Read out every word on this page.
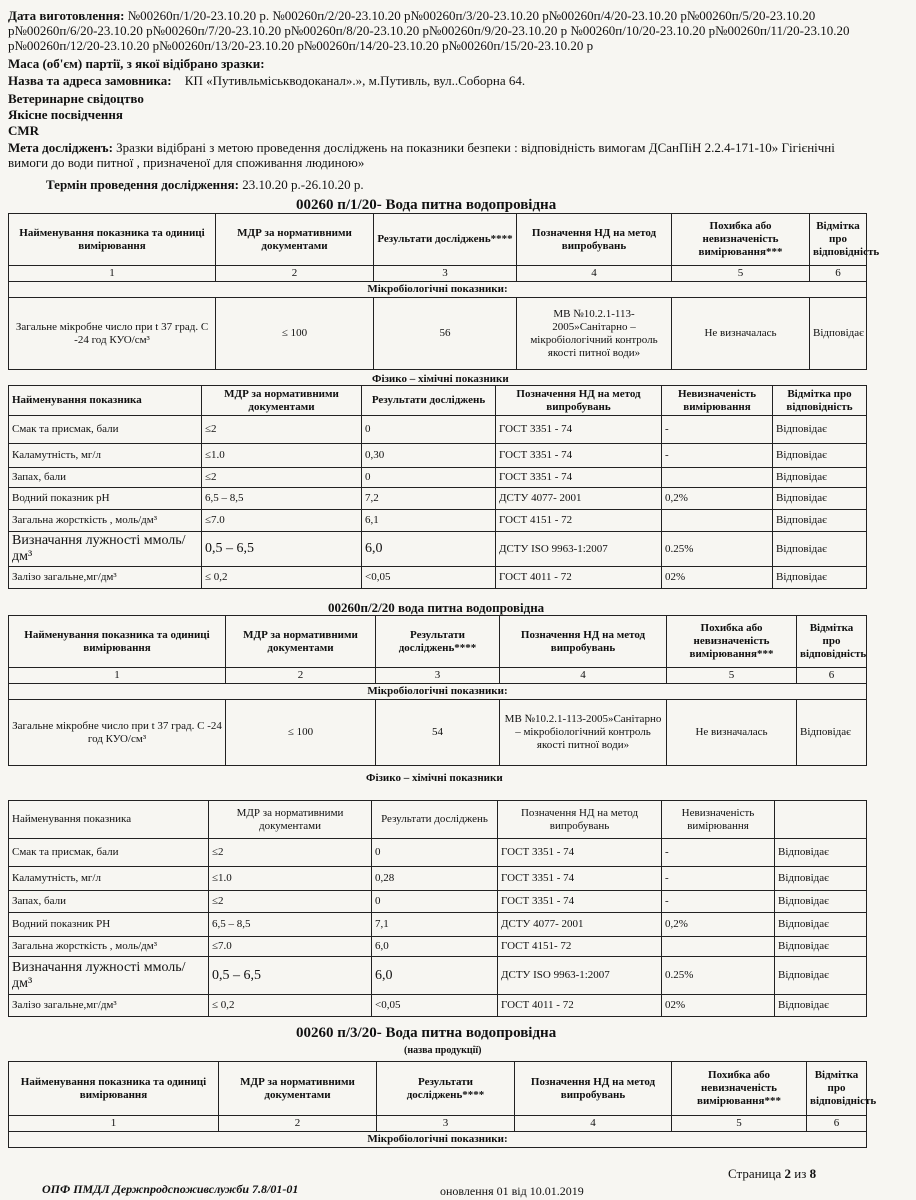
Дата виготовлення: №00260п/1/20-23.10.20 р. №00260п/2/20-23.10.20 р№00260п/3/20-23.10.20 р№00260п/4/20-23.10.20 р№00260п/5/20-23.10.20 р№00260п/6/20-23.10.20 р№00260п/7/20-23.10.20 р№00260п/8/20-23.10.20 р№00260п/9/20-23.10.20 р №00260п/10/20-23.10.20 р№00260п/11/20-23.10.20 р№00260п/12/20-23.10.20 р№00260п/13/20-23.10.20 р№00260п/14/20-23.10.20 р№00260п/15/20-23.10.20 р
Маса (об'єм) партії, з якої відібрано зразки:
Назва та адреса замовника: КП «Путивльміськводоканал».», м.Путивль, вул..Соборна 64.
Ветеринарне свідоцтво
Якісне посвідчення
CMR
Мета дослідженъ: Зразки відібрані з метою проведення досліджень на показники безпеки : відповідність вимогам ДСанПіН 2.2.4-171-10» Гігієнічні вимоги до води питної , призначеної для споживання людиною»
Термін проведення дослідження: 23.10.20 р.-26.10.20 р.
00260 п/1/20- Вода питна водопровідна
Найменування показника та одиниці вимірювання	МДР за нормативними документами	Результати досліджень****	Позначення НД на метод випробувань	Похибка або невизначеність вимірювання***	Відмітка про відповідність
1	2	3	4	5	6
Мікробіологічні показники:					
Загальне мікробне число при t 37 град. С -24 год КУО/см³	≤ 100	56	МВ №10.2.1-113-2005»Санітарно – мікробіологічний контроль якості питної води»	Не визначалась	Відповідає
Фізико – хімічні показники
Найменування показника	МДР за нормативними документами	Результати досліджень	Позначення НД на метод випробувань	Невизначеність вимірювання	Відмітка про відповідність
Смак та присмак, бали	≤2	0	ГОСТ 3351 - 74	-	Відповідає
Каламутність, мг/л	≤1.0	0,30	ГОСТ 3351 - 74	-	Відповідає
Запах, бали	≤2	0	ГОСТ 3351 - 74		Відповідає
Водний показник рН	6,5 – 8,5	7,2	ДСТУ 4077- 2001	0,2%	Відповідає
Загальна жорсткість , моль/дм³	≤7.0	6,1	ГОСТ 4151 - 72		Відповідає
Визначання лужності ммоль/дм³	0,5 – 6,5	6,0	ДСТУ ISO 9963-1:2007	0.25%	Відповідає
Залізо загальне,мг/дм³	≤ 0,2	<0,05	ГОСТ 4011 - 72	02%	Відповідає
00260п/2/20 вода питна водопровідна
Найменування показника та одиниці вимірювання	МДР за нормативними документами	Результати досліджень****	Позначення НД на метод випробувань	Похибка або невизначеність вимірювання***	Відмітка про відповідність
1	2	3	4	5	6
Мікробіологічні показники:					
Загальне мікробне число при t 37 град. С -24 год КУО/см³	≤ 100	54	МВ №10.2.1-113-2005»Санітарно – мікробіологічний контроль якості питної води»	Не визначалась	Відповідає
Фізико – хімічні показники
Найменування показника	МДР за нормативними документами	Результати досліджень	Позначення НД на метод випробувань	Невизначеність вимірювання	
Смак та присмак, бали	≤2	0	ГОСТ 3351 - 74	-	Відповідає
Каламутність, мг/л	≤1.0	0,28	ГОСТ 3351 - 74	-	Відповідає
Запах, бали	≤2	0	ГОСТ 3351 - 74	-	Відповідає
Водний показник РН	6,5 – 8,5	7,1	ДСТУ 4077- 2001	0,2%	Відповідає
Загальна жорсткість , моль/дм³	≤7.0	6,0	ГОСТ 4151- 72		Відповідає
Визначання лужності ммоль/дм³	0,5 – 6,5	6,0	ДСТУ ISO 9963-1:2007	0.25%	Відповідає
Залізо загальне,мг/дм³	≤ 0,2	<0,05	ГОСТ 4011 - 72	02%	Відповідає
00260 п/3/20- Вода питна водопровідна
(назва продукції)
Найменування показника та одиниці вимірювання	МДР за нормативними документами	Результати досліджень****	Позначення НД на метод випробувань	Похибка або невизначеність вимірювання***	Відмітка про відповідність
1	2	3	4	5	6
Мікробіологічні показники:					
Страница 2 из 8
ОПФ ПМДЛ Держпродспоживслужби 7.8/01-01	оновлення 01 від 10.01.2019
